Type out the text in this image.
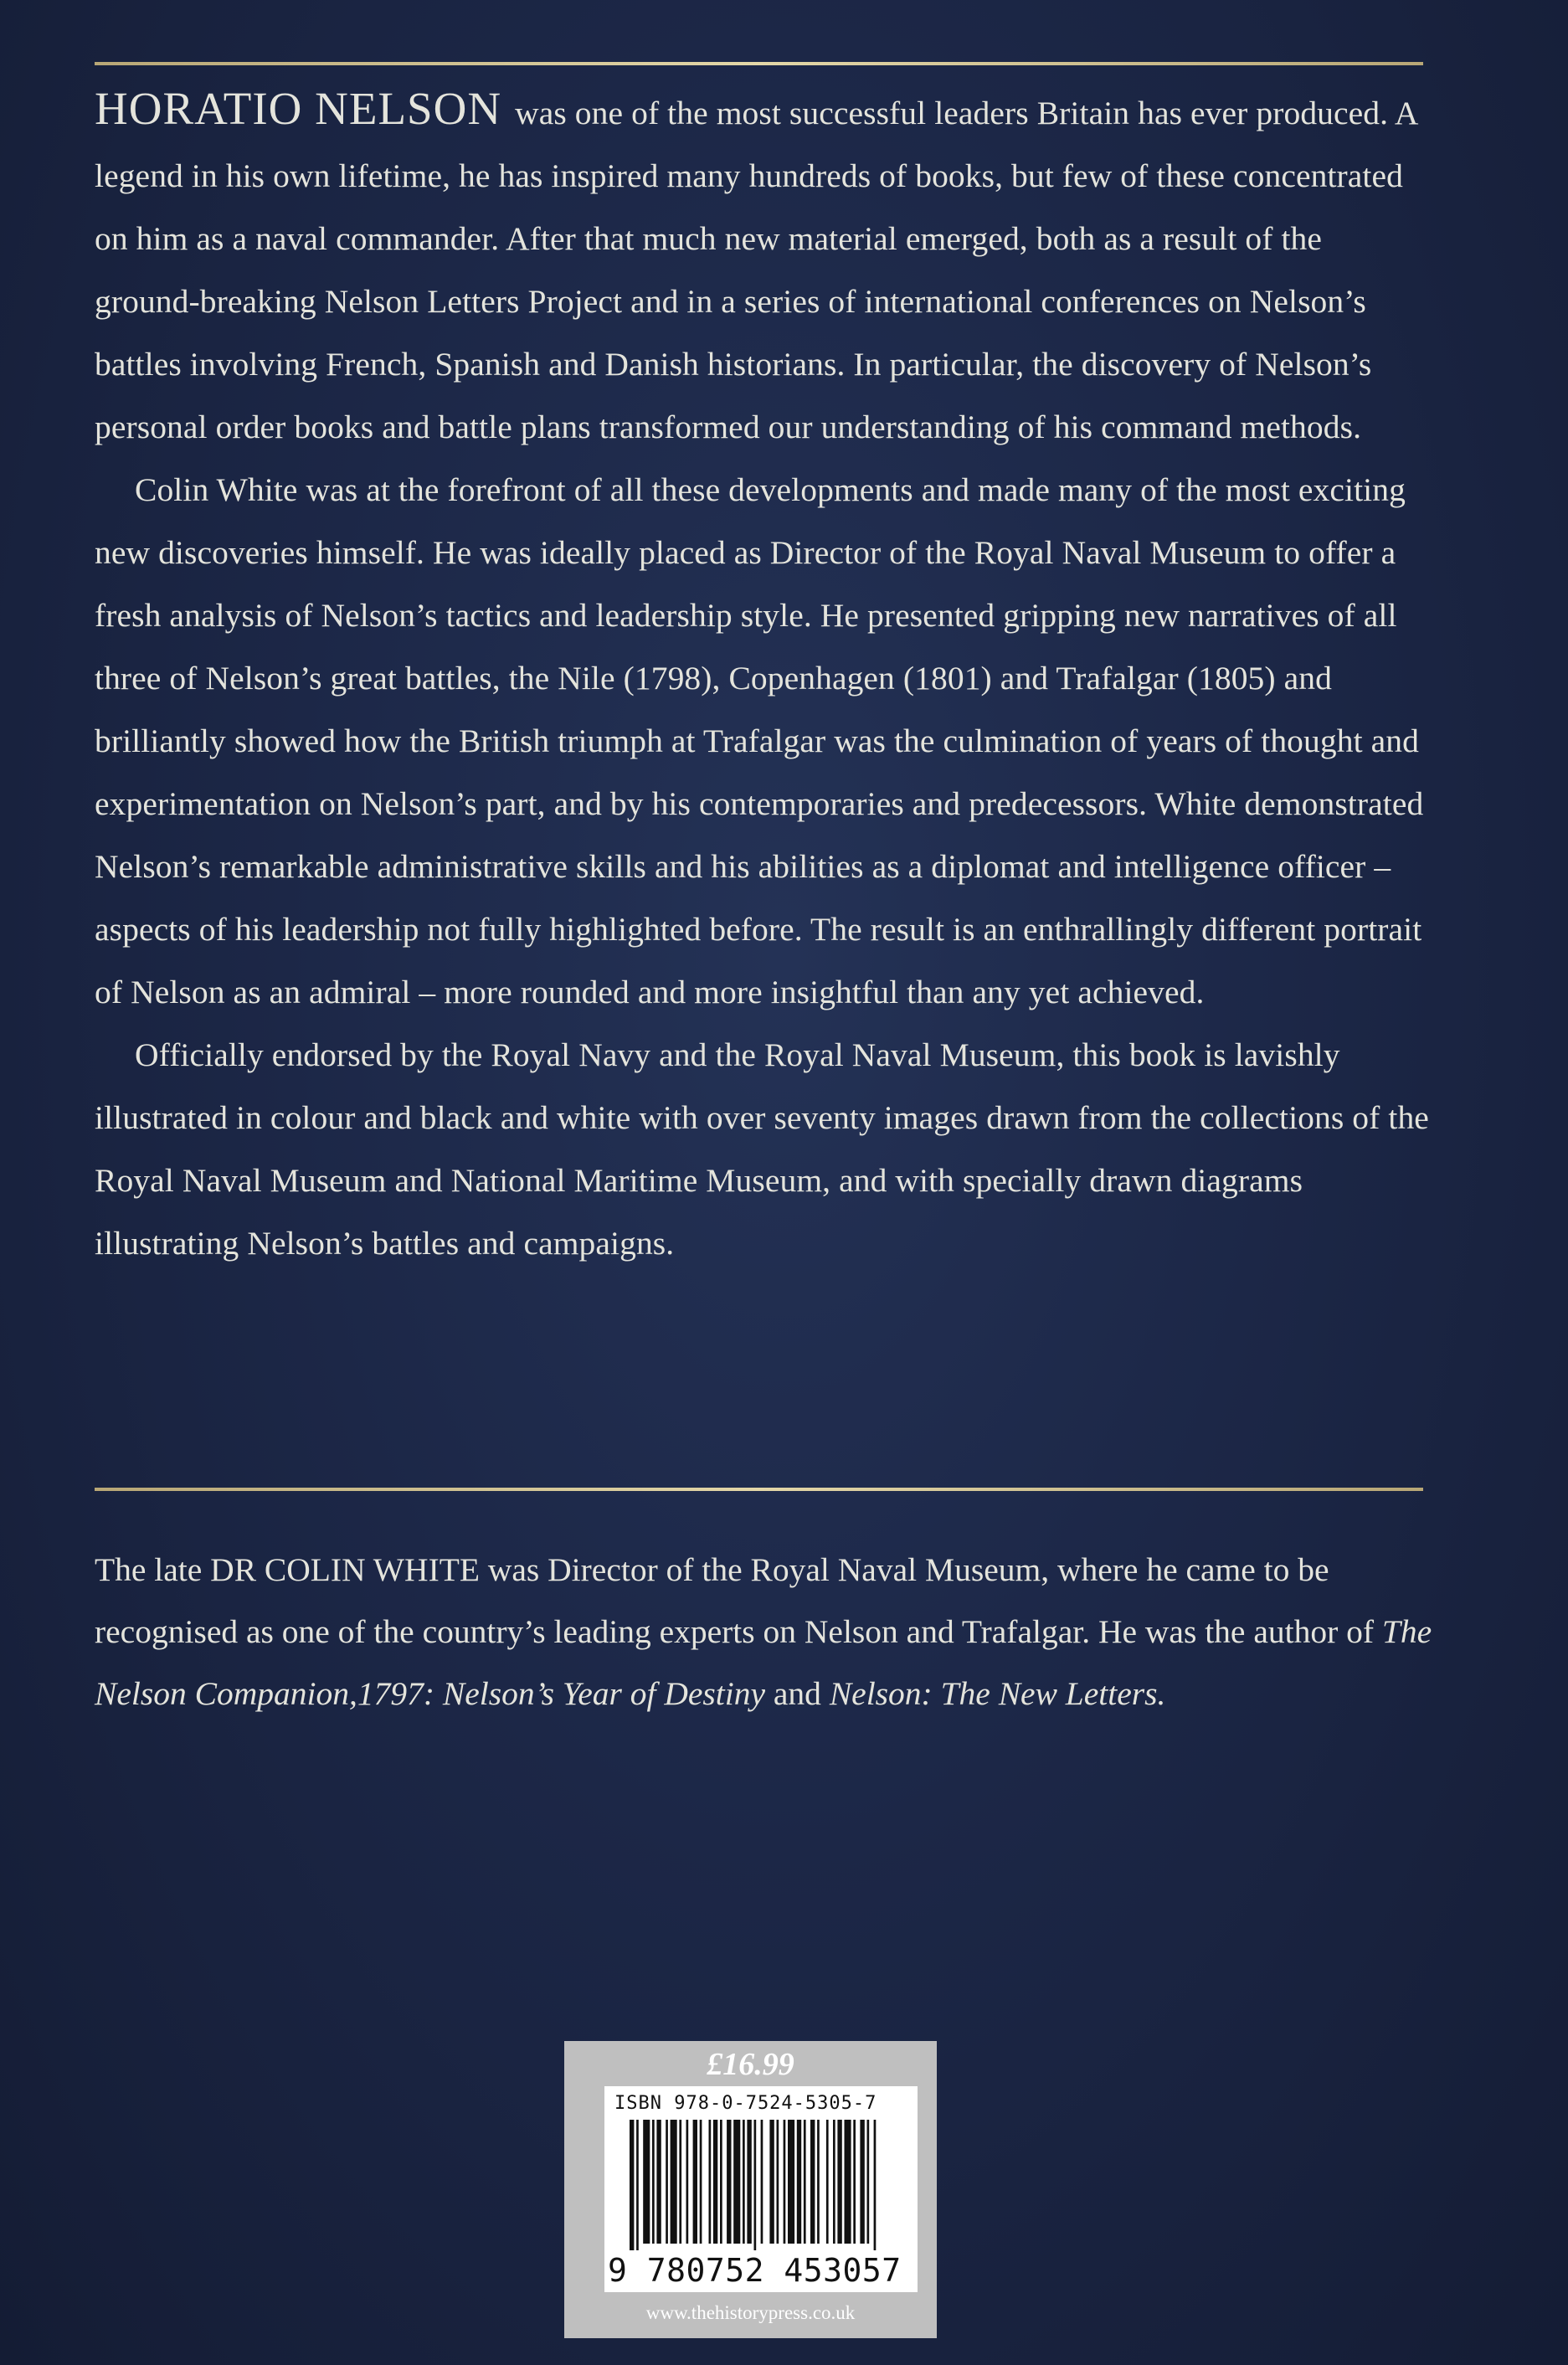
HORATIO NELSON was one of the most successful leaders Britain has ever produced. A legend in his own lifetime, he has inspired many hundreds of books, but few of these concentrated on him as a naval commander. After that much new material emerged, both as a result of the ground-breaking Nelson Letters Project and in a series of international conferences on Nelson’s battles involving French, Spanish and Danish historians. In particular, the discovery of Nelson’s personal order books and battle plans transformed our understanding of his command methods.

Colin White was at the forefront of all these developments and made many of the most exciting new discoveries himself. He was ideally placed as Director of the Royal Naval Museum to offer a fresh analysis of Nelson’s tactics and leadership style. He presented gripping new narratives of all three of Nelson’s great battles, the Nile (1798), Copenhagen (1801) and Trafalgar (1805) and brilliantly showed how the British triumph at Trafalgar was the culmination of years of thought and experimentation on Nelson’s part, and by his contemporaries and predecessors. White demonstrated Nelson’s remarkable administrative skills and his abilities as a diplomat and intelligence officer – aspects of his leadership not fully highlighted before. The result is an enthrallingly different portrait of Nelson as an admiral – more rounded and more insightful than any yet achieved.

Officially endorsed by the Royal Navy and the Royal Naval Museum, this book is lavishly illustrated in colour and black and white with over seventy images drawn from the collections of the Royal Naval Museum and National Maritime Museum, and with specially drawn diagrams illustrating Nelson’s battles and campaigns.

The late DR COLIN WHITE was Director of the Royal Naval Museum, where he came to be recognised as one of the country’s leading experts on Nelson and Trafalgar. He was the author of The Nelson Companion,1797: Nelson’s Year of Destiny and Nelson: The New Letters.

£16.99
ISBN 978-0-7524-5305-7
9 780752 453057
www.thehistorypress.co.uk
